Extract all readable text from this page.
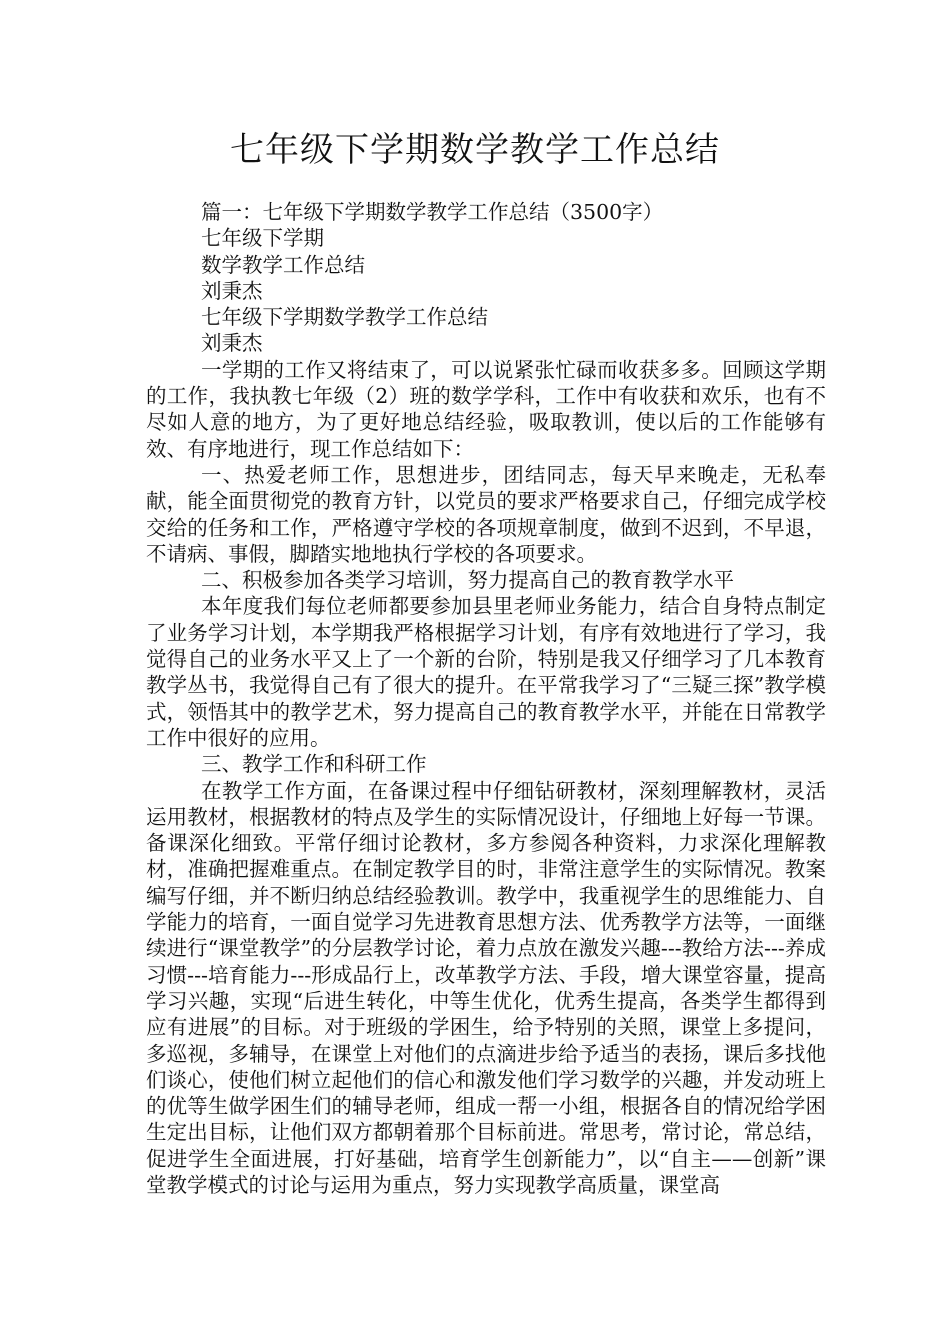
七年级下学期数学教学工作总结

篇一：七年级下学期数学教学工作总结（3500字）

七年级下学期

数学教学工作总结

刘秉杰

七年级下学期数学教学工作总结

刘秉杰

一学期的工作又将结束了，可以说紧张忙碌而收获多多。回顾这学期的工作，我执教七年级（2）班的数学学科，工作中有收获和欢乐，也有不尽如人意的地方，为了更好地总结经验，吸取教训，使以后的工作能够有效、有序地进行，现工作总结如下：

一、热爱老师工作，思想进步，团结同志，每天早来晚走，无私奉献，能全面贯彻党的教育方针，以党员的要求严格要求自己，仔细完成学校交给的任务和工作，严格遵守学校的各项规章制度，做到不迟到，不早退，不请病、事假，脚踏实地地执行学校的各项要求。

二、积极参加各类学习培训，努力提高自己的教育教学水平

本年度我们每位老师都要参加县里老师业务能力，结合自身特点制定了业务学习计划，本学期我严格根据学习计划，有序有效地进行了学习，我觉得自己的业务水平又上了一个新的台阶，特别是我又仔细学习了几本教育教学丛书，我觉得自己有了很大的提升。在平常我学习了“三疑三探”教学模式，领悟其中的教学艺术，努力提高自己的教育教学水平，并能在日常教学工作中很好的应用。

三、教学工作和科研工作

在教学工作方面，在备课过程中仔细钻研教材，深刻理解教材，灵活运用教材，根据教材的特点及学生的实际情况设计，仔细地上好每一节课。备课深化细致。平常仔细讨论教材，多方参阅各种资料，力求深化理解教材，准确把握难重点。在制定教学目的时，非常注意学生的实际情况。教案编写仔细，并不断归纳总结经验教训。教学中，我重视学生的思维能力、自学能力的培育，一面自觉学习先进教育思想方法、优秀教学方法等，一面继续进行“课堂教学”的分层教学讨论，着力点放在激发兴趣---教给方法---养成习惯---培育能力---形成品行上，改革教学方法、手段，增大课堂容量，提高学习兴趣，实现“后进生转化，中等生优化，优秀生提高，各类学生都得到应有进展”的目标。对于班级的学困生，给予特别的关照，课堂上多提问，多巡视，多辅导，在课堂上对他们的点滴进步给予适当的表扬，课后多找他们谈心，使他们树立起他们的信心和激发他们学习数学的兴趣，并发动班上的优等生做学困生们的辅导老师，组成一帮一小组，根据各自的情况给学困生定出目标，让他们双方都朝着那个目标前进。常思考，常讨论，常总结，促进学生全面进展，打好基础，培育学生创新能力”，以“自主——创新”课堂教学模式的讨论与运用为重点，努力实现教学高质量，课堂高
